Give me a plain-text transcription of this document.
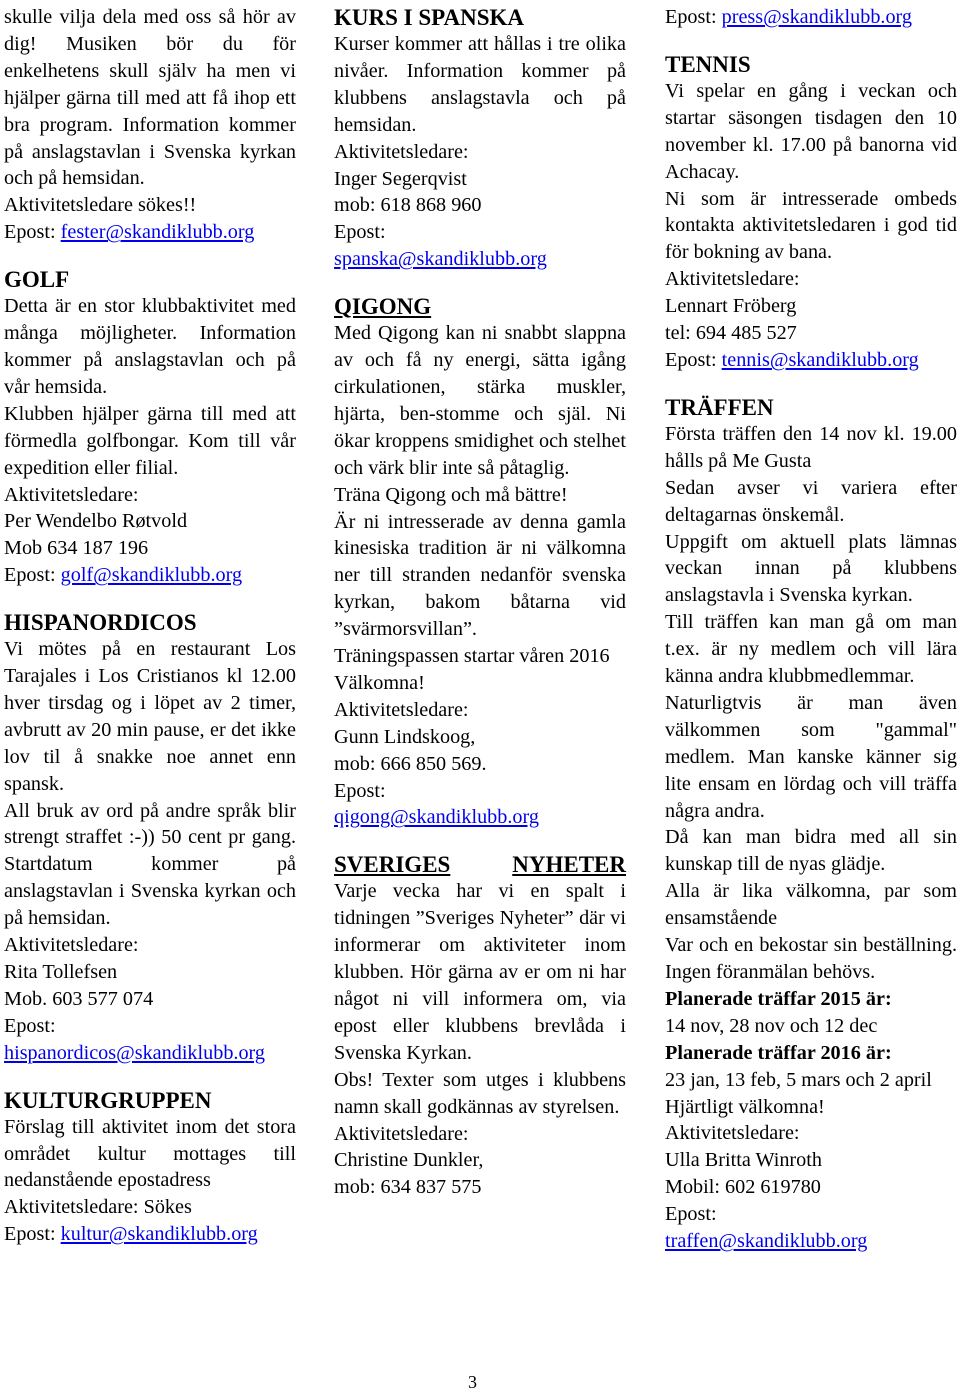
skulle vilja dela med oss så hör av dig! Musiken bör du för enkelhetens skull själv ha men vi hjälper gärna till med att få ihop ett bra program. Information kommer på anslagstavlan i Svenska kyrkan och på hemsidan.

Aktivitetsledare sökes!!

Epost: fester@skandiklubb.org

GOLF

Detta är en stor klubbaktivitet med många möjligheter. Information kommer på anslagstavlan och på vår hemsida.

Klubben hjälper gärna till med att förmedla golfbongar. Kom till vår expedition eller filial.

Aktivitetsledare:

Per Wendelbo Røtvold

Mob 634 187 196

Epost: golf@skandiklubb.org

HISPANORDICOS

Vi mötes på en restaurant Los Tarajales i Los Cristianos kl 12.00 hver tirsdag og i löpet av 2 timer, avbrutt av 20 min pause, er det ikke lov til å snakke noe annet enn spansk.

All bruk av ord på andre språk blir strengt straffet :-)) 50 cent pr gang. Startdatum kommer på anslagstavlan i Svenska kyrkan och på hemsidan.

Aktivitetsledare:

Rita Tollefsen

Mob. 603 577 074

Epost:

hispanordicos@skandiklubb.org

KULTURGRUPPEN

Förslag till aktivitet inom det stora området kultur mottages till nedanstående epostadress

Aktivitetsledare: Sökes

Epost: kultur@skandiklubb.org

KURS I SPANSKA

Kurser kommer att hållas i tre olika nivåer. Information kommer på klubbens anslagstavla och på hemsidan.

Aktivitetsledare:

Inger Segerqvist

mob: 618 868 960

Epost:

spanska@skandiklubb.org

QIGONG

Med Qigong kan ni snabbt slappna av och få ny energi, sätta igång cirkulationen, stärka muskler, hjärta, ben-stomme och själ. Ni ökar kroppens smidighet och stelhet och värk blir inte så påtaglig.

Träna Qigong och må bättre!

Är ni intresserade av denna gamla kinesiska tradition är ni välkomna ner till stranden nedanför svenska kyrkan, bakom båtarna vid ”svärmorsvillan”.

Träningspassen startar våren 2016

Välkomna!

Aktivitetsledare:

Gunn Lindskoog,

mob: 666 850 569.

Epost:

qigong@skandiklubb.org

SVERIGES	NYHETER

Varje vecka har vi en spalt i tidningen ”Sveriges Nyheter” där vi informerar om aktiviteter inom klubben. Hör gärna av er om ni har något ni vill informera om, via epost eller klubbens brevlåda i Svenska Kyrkan.

Obs! Texter som utges i klubbens namn skall godkännas av styrelsen.

Aktivitetsledare:

Christine Dunkler,

mob: 634 837 575

Epost: press@skandiklubb.org

TENNIS

Vi spelar en gång i veckan och startar säsongen tisdagen den 10 november kl. 17.00 på banorna vid Achacay.

Ni som är intresserade ombeds kontakta aktivitetsledaren i god tid för bokning av bana.

Aktivitetsledare:

Lennart Fröberg

tel: 694 485 527

Epost: tennis@skandiklubb.org

TRÄFFEN

Första träffen den 14 nov kl. 19.00 hålls på Me Gusta

Sedan avser vi variera efter deltagarnas önskemål.

Uppgift om aktuell plats lämnas veckan innan på klubbens anslagstavla i Svenska kyrkan.

Till träffen kan man gå om man t.ex. är ny medlem och vill lära känna andra klubbmedlemmar.

Naturligtvis är man även välkommen som "gammal" medlem. Man kanske känner sig lite ensam en lördag och vill träffa några andra.

Då kan man bidra med all sin kunskap till de nyas glädje.

Alla är lika välkomna, par som ensamstående

Var och en bekostar sin beställning. Ingen föranmälan behövs.

Planerade träffar 2015 är:

14 nov, 28 nov och 12 dec

Planerade träffar 2016 är:

23 jan, 13 feb, 5 mars och 2 april

Hjärtligt välkomna!

Aktivitetsledare:

Ulla Britta Winroth

Mobil: 602 619780

Epost:

traffen@skandiklubb.org

3
